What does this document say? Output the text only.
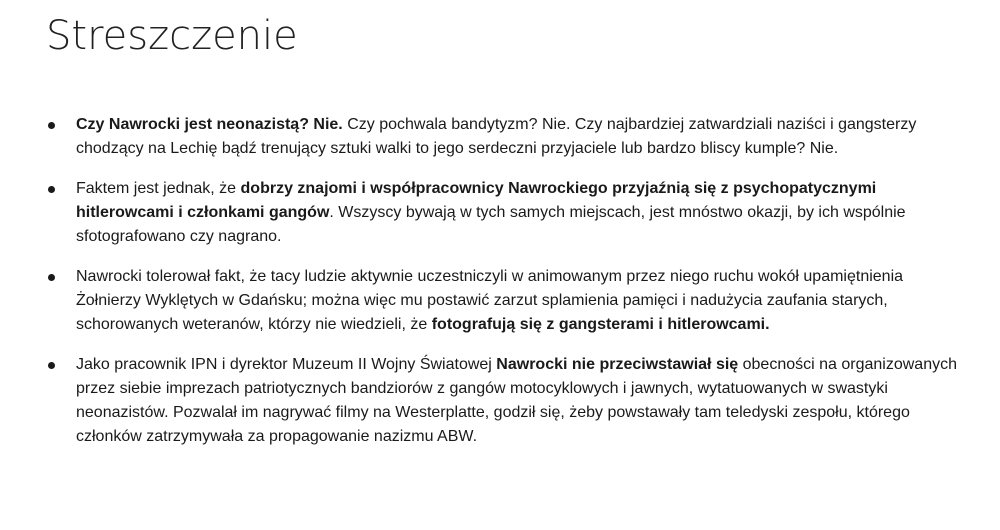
Streszczenie
Czy Nawrocki jest neonazistą? Nie. Czy pochwala bandytyzm? Nie. Czy najbardziej zatwardziali naziści i gangsterzy chodzący na Lechię bądź trenujący sztuki walki to jego serdeczni przyjaciele lub bardzo bliscy kumple? Nie.
Faktem jest jednak, że dobrzy znajomi i współpracownicy Nawrockiego przyjaźnią się z psychopatycznymi hitlerowcami i członkami gangów. Wszyscy bywają w tych samych miejscach, jest mnóstwo okazji, by ich wspólnie sfotografowano czy nagrano.
Nawrocki tolerował fakt, że tacy ludzie aktywnie uczestniczyli w animowanym przez niego ruchu wokół upamiętnienia Żołnierzy Wyklętych w Gdańsku; można więc mu postawić zarzut splamienia pamięci i nadużycia zaufania starych, schorowanych weteranów, którzy nie wiedzieli, że fotografują się z gangsterami i hitlerowcami.
Jako pracownik IPN i dyrektor Muzeum II Wojny Światowej Nawrocki nie przeciwstawiał się obecności na organizowanych przez siebie imprezach patriotycznych bandziorów z gangów motocyklowych i jawnych, wytatuowanych w swastyki neonazistów. Pozwalał im nagrywać filmy na Westerplatte, godził się, żeby powstawały tam teledyski zespołu, którego członków zatrzymywała za propagowanie nazizmu ABW.
